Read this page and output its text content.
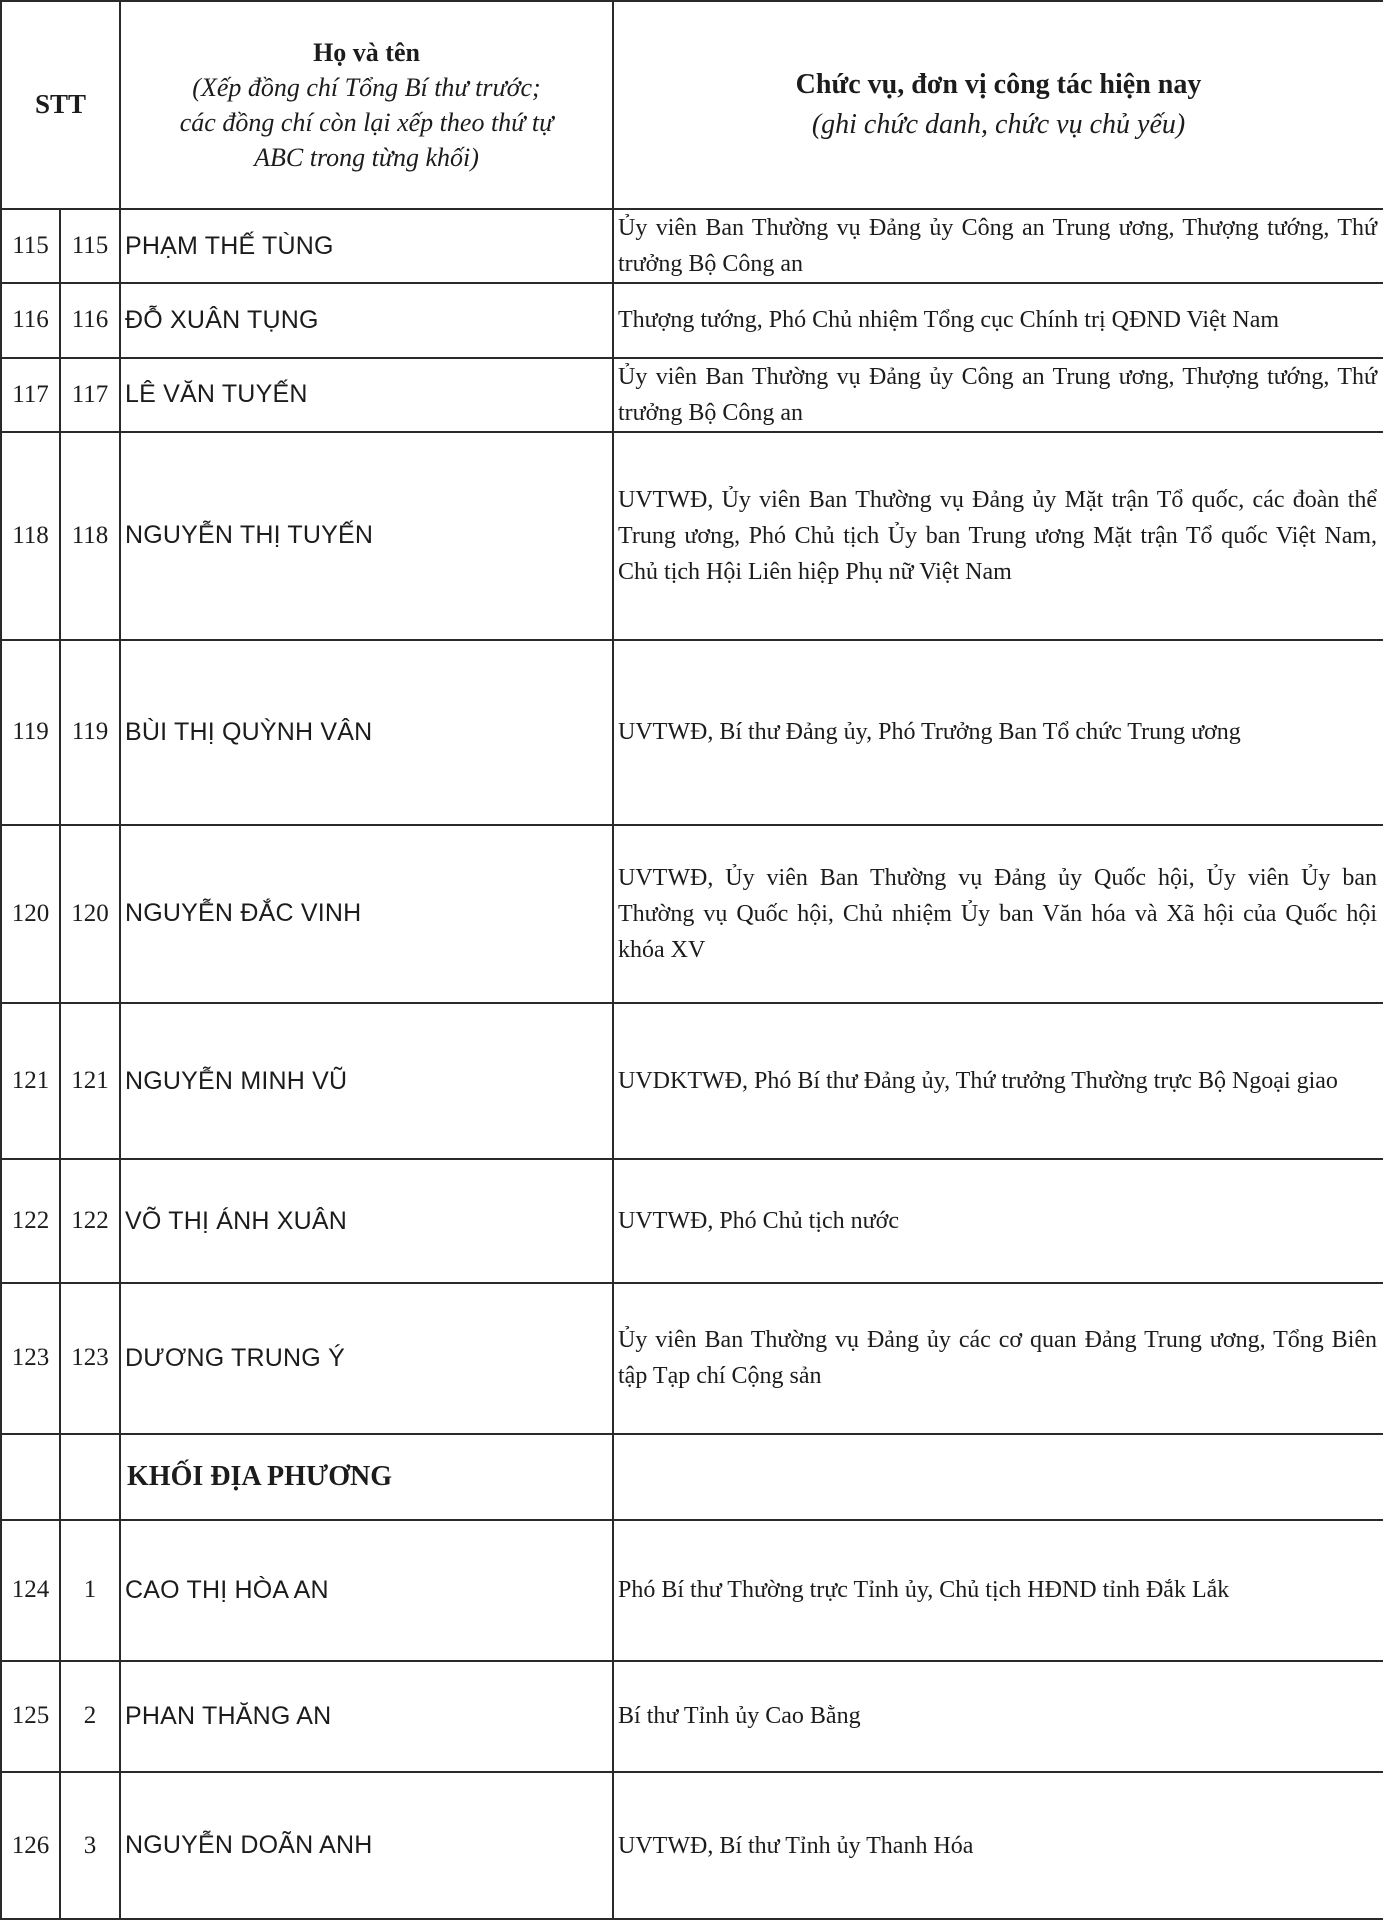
STT		Họ và tên
(Xếp đồng chí Tổng Bí thư trước;
các đồng chí còn lại xếp theo thứ tự
ABC trong từng khối)	Chức vụ, đơn vị công tác hiện nay
(ghi chức danh, chức vụ chủ yếu)

115	115	PHẠM THẾ TÙNG	Ủy viên Ban Thường vụ Đảng ủy Công an Trung ương, Thượng tướng, Thứ trưởng Bộ Công an
116	116	ĐỖ XUÂN TỤNG	Thượng tướng, Phó Chủ nhiệm Tổng cục Chính trị QĐND Việt Nam
117	117	LÊ VĂN TUYẾN	Ủy viên Ban Thường vụ Đảng ủy Công an Trung ương, Thượng tướng, Thứ trưởng Bộ Công an
118	118	NGUYỄN THỊ TUYẾN	UVTWĐ, Ủy viên Ban Thường vụ Đảng ủy Mặt trận Tổ quốc, các đoàn thể Trung ương, Phó Chủ tịch Ủy ban Trung ương Mặt trận Tổ quốc Việt Nam, Chủ tịch Hội Liên hiệp Phụ nữ Việt Nam
119	119	BÙI THỊ QUỲNH VÂN	UVTWĐ, Bí thư Đảng ủy, Phó Trưởng Ban Tổ chức Trung ương
120	120	NGUYỄN ĐẮC VINH	UVTWĐ, Ủy viên Ban Thường vụ Đảng ủy Quốc hội, Ủy viên Ủy ban Thường vụ Quốc hội, Chủ nhiệm Ủy ban Văn hóa và Xã hội của Quốc hội khóa XV
121	121	NGUYỄN MINH VŨ	UVDKTWĐ, Phó Bí thư Đảng ủy, Thứ trưởng Thường trực Bộ Ngoại giao
122	122	VÕ THỊ ÁNH XUÂN	UVTWĐ, Phó Chủ tịch nước
123	123	DƯƠNG TRUNG Ý	Ủy viên Ban Thường vụ Đảng ủy các cơ quan Đảng Trung ương, Tổng Biên tập Tạp chí Cộng sản
		KHỐI ĐỊA PHƯƠNG	
124	1	CAO THỊ HÒA AN	Phó Bí thư Thường trực Tỉnh ủy, Chủ tịch HĐND tỉnh Đắk Lắk
125	2	PHAN THĂNG AN	Bí thư Tỉnh ủy Cao Bằng
126	3	NGUYỄN DOÃN ANH	UVTWĐ, Bí thư Tỉnh ủy Thanh Hóa
